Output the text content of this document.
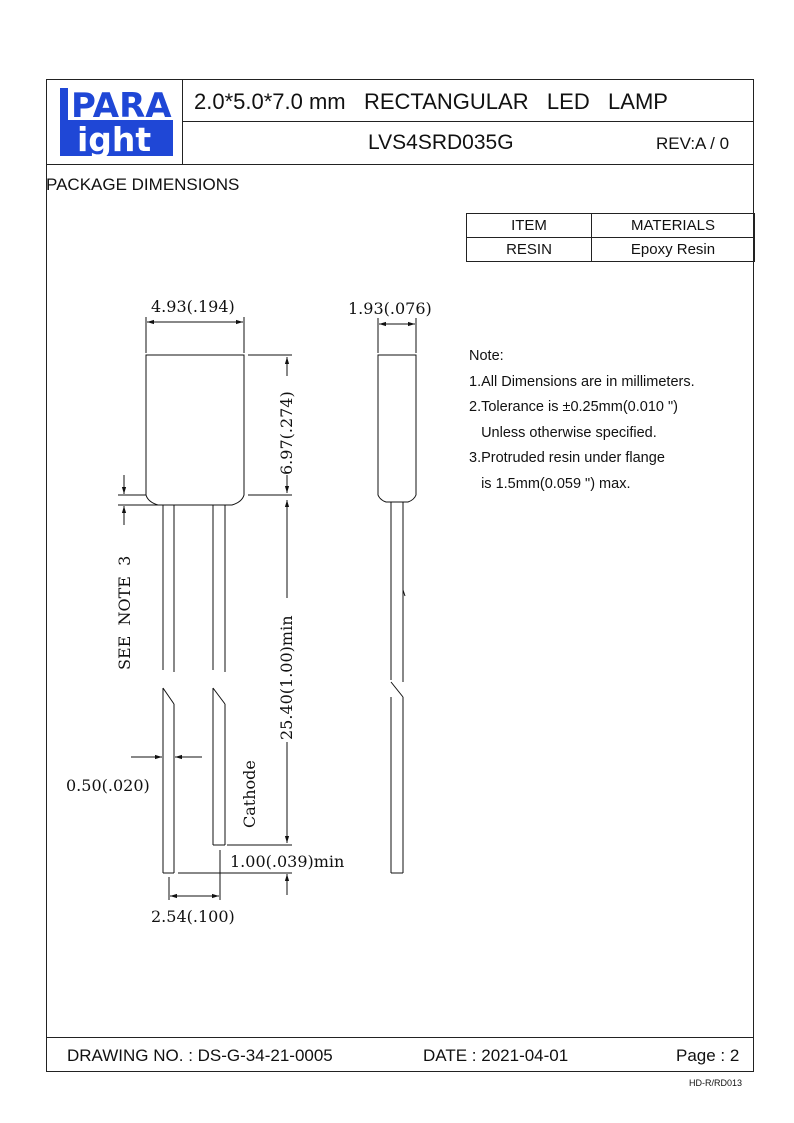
PARA
ight
2.0*5.0*7.0 mm   RECTANGULAR   LED   LAMP
LVS4SRD035G	REV:A / 0
PACKAGE DIMENSIONS
ITEM	MATERIALS
RESIN	Epoxy Resin
Note:
1.All Dimensions are in millimeters.
2.Tolerance is ±0.25mm(0.010 ")
Unless otherwise specified.
3.Protruded resin under flange
is 1.5mm(0.059 ") max.
4.93(.194)	1.93(.076)
6.97(.274)
25.40(1.00)min
SEE  NOTE  3
0.50(.020)	Cathode
1.00(.039)min
2.54(.100)
DRAWING NO. : DS-G-34-21-0005	DATE : 2021-04-01	Page : 2
HD-R/RD013
